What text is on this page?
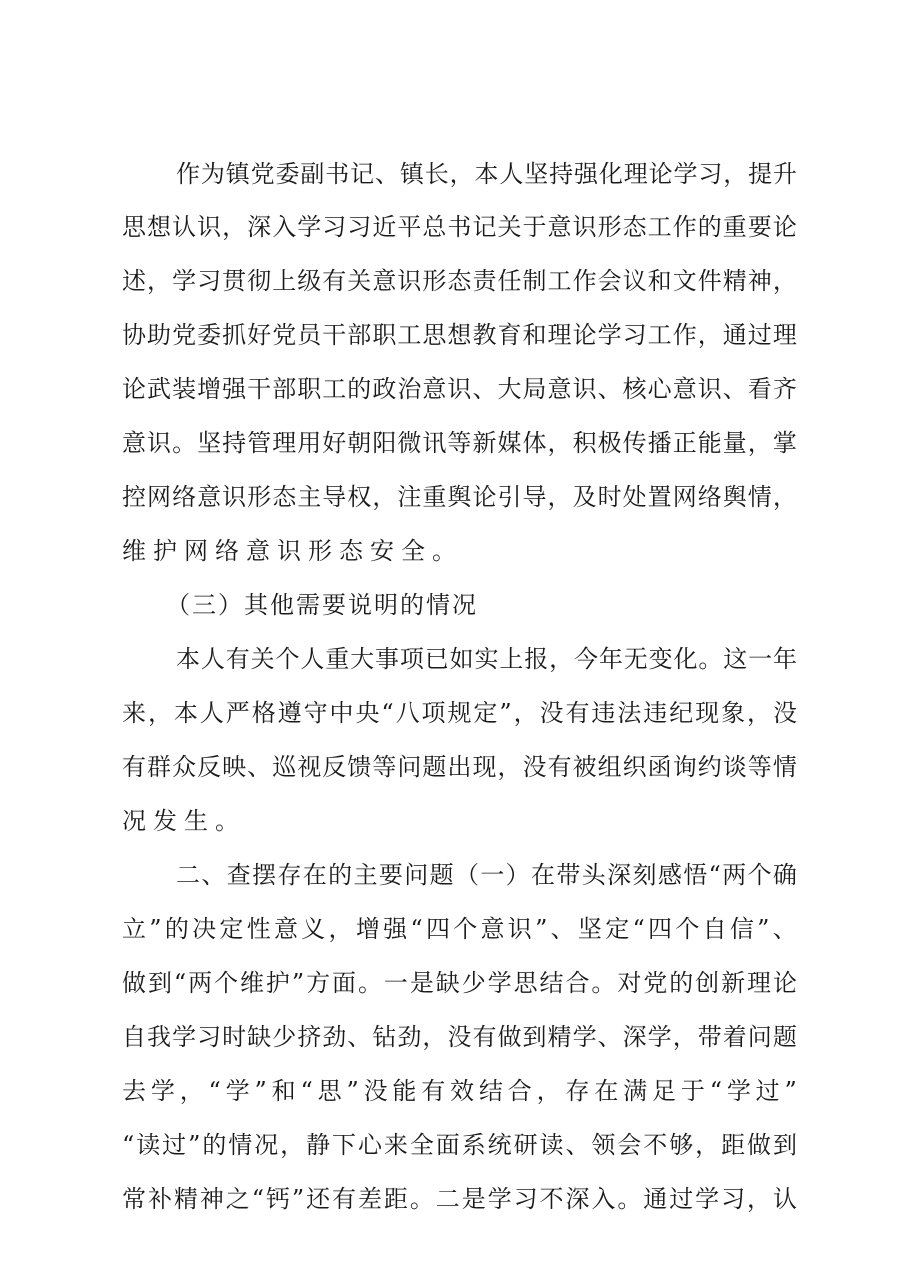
作 为 镇 党 委 副 书 记 、 镇 长 ， 本 人 坚 持 强 化 理 论 学 习 ， 提 升
思 想 认 识 ， 深 入 学 习 习 近 平 总 书 记 关 于 意 识 形 态 工 作 的 重 要 论
述 ， 学 习 贯 彻 上 级 有 关 意 识 形 态 责 任 制 工 作 会 议 和 文 件 精 神 ，
协 助 党 委 抓 好 党 员 干 部 职 工 思 想 教 育 和 理 论 学 习 工 作 ， 通 过 理
论 武 装 增 强 干 部 职 工 的 政 治 意 识 、 大 局 意 识 、 核 心 意 识 、 看 齐
意 识 。 坚 持 管 理 用 好 朝 阳 微 讯 等 新 媒 体 ， 积 极 传 播 正 能 量 ， 掌
控 网 络 意 识 形 态 主 导 权 ， 注 重 舆 论 引 导 ， 及 时 处 置 网 络 舆 情 ，
维护网络意识形态安全。
（三）其他需要说明的情况
本 人 有 关 个 人 重 大 事 项 已 如 实 上 报 ， 今 年 无 变 化 。 这 一 年
来 ， 本 人 严 格 遵 守 中 央 “ 八 项 规 定 ” ， 没 有 违 法 违 纪 现 象 ， 没
有 群 众 反 映 、 巡 视 反 馈 等 问 题 出 现 ， 没 有 被 组 织 函 询 约 谈 等 情
况发生。
二 、 查 摆 存 在 的 主 要 问 题 （ 一 ） 在 带 头 深 刻 感 悟 “ 两 个 确
立 ” 的 决 定 性 意 义 ， 增 强 “ 四 个 意 识 ” 、 坚 定 “ 四 个 自 信 ” 、
做 到 “ 两 个 维 护 ” 方 面 。 一 是 缺 少 学 思 结 合 。 对 党 的 创 新 理 论
自 我 学 习 时 缺 少 挤 劲 、 钻 劲 ， 没 有 做 到 精 学 、 深 学 ， 带 着 问 题
去 学 ， “ 学 ” 和 “ 思 ” 没 能 有 效 结 合 ， 存 在 满 足 于 “ 学 过 ”
“ 读 过 ” 的 情 况 ， 静 下 心 来 全 面 系 统 研 读 、 领 会 不 够 ， 距 做 到
常 补 精 神 之 “ 钙 ” 还 有 差 距 。 二 是 学 习 不 深 入 。 通 过 学 习 ， 认
